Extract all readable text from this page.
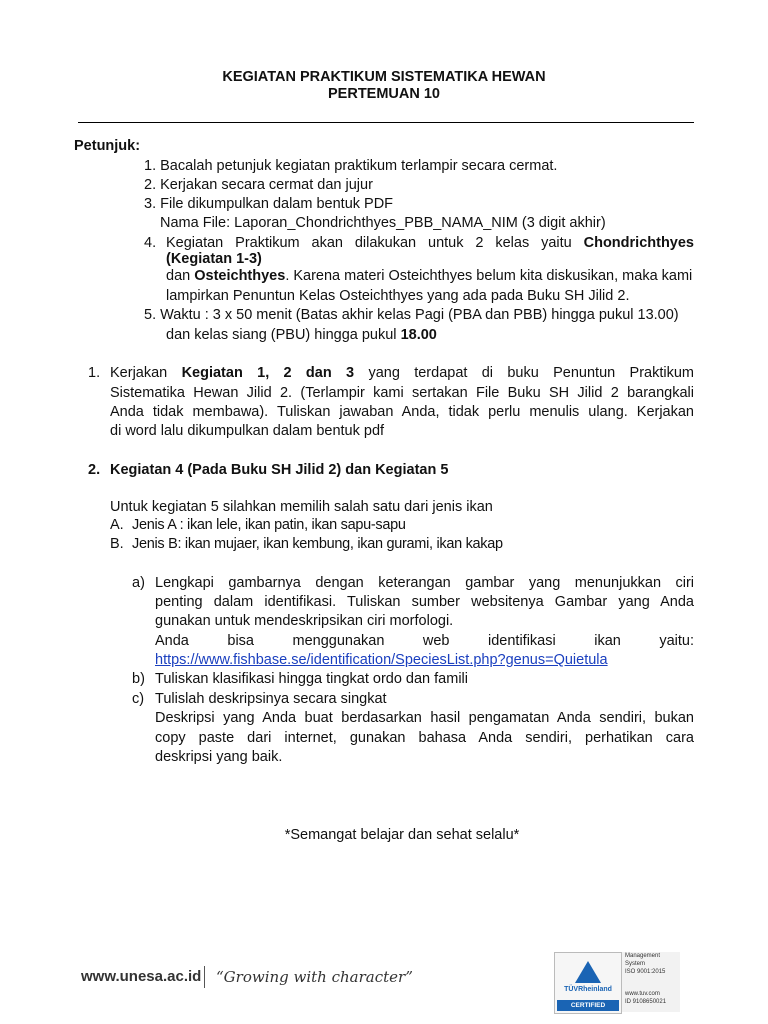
KEGIATAN PRAKTIKUM SISTEMATIKA HEWAN
PERTEMUAN 10
Petunjuk:
1. Bacalah petunjuk kegiatan praktikum terlampir secara cermat.
2. Kerjakan secara cermat dan jujur
3. File dikumpulkan dalam bentuk PDF
Nama File: Laporan_Chondrichthyes_PBB_NAMA_NIM (3 digit akhir)
4. Kegiatan Praktikum akan dilakukan untuk 2 kelas yaitu Chondrichthyes
(Kegiatan 1-3)
dan Osteichthyes. Karena materi Osteichthyes belum kita diskusikan, maka kami
lampirkan Penuntun Kelas Osteichthyes yang ada pada Buku SH Jilid 2.
5. Waktu : 3 x 50 menit (Batas akhir kelas Pagi (PBA dan PBB) hingga pukul 13.00)
dan kelas siang (PBU) hingga pukul 18.00
1. Kerjakan Kegiatan 1, 2 dan 3 yang terdapat di buku Penuntun Praktikum
Sistematika Hewan Jilid 2. (Terlampir kami sertakan File Buku SH Jilid 2 barangkali
Anda tidak membawa). Tuliskan jawaban Anda, tidak perlu menulis ulang. Kerjakan
di word lalu dikumpulkan dalam bentuk pdf
2. Kegiatan 4 (Pada Buku SH Jilid 2) dan Kegiatan 5
Untuk kegiatan 5 silahkan memilih salah satu dari jenis ikan
A. Jenis A : ikan lele, ikan patin, ikan sapu-sapu
B. Jenis B: ikan mujaer, ikan kembung, ikan gurami, ikan kakap
a) Lengkapi gambarnya dengan keterangan gambar yang menunjukkan ciri
penting dalam identifikasi. Tuliskan sumber websitenya Gambar yang Anda
gunakan untuk mendeskripsikan ciri morfologi.
Anda bisa menggunakan web identifikasi ikan yaitu:
https://www.fishbase.se/identification/SpeciesList.php?genus=Quietula
b) Tuliskan klasifikasi hingga tingkat ordo dan famili
c) Tulislah deskripsinya secara singkat
Deskripsi yang Anda buat berdasarkan hasil pengamatan Anda sendiri, bukan
copy paste dari internet, gunakan bahasa Anda sendiri, perhatikan cara
deskripsi yang baik.
*Semangat belajar dan sehat selalu*
www.unesa.ac.id “Growing with character”
TÜVRheinland
CERTIFIED
Management
System
ISO 9001:2015
www.tuv.com
ID 9108650021
